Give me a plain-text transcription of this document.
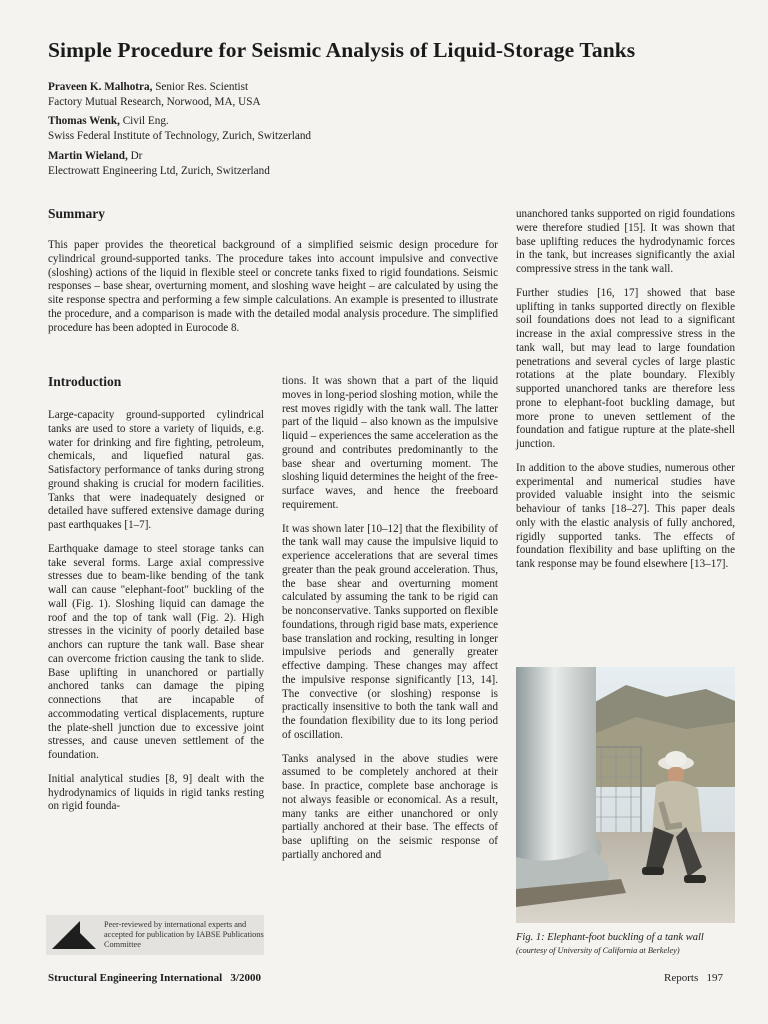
Simple Procedure for Seismic Analysis of Liquid-Storage Tanks
Praveen K. Malhotra, Senior Res. Scientist
Factory Mutual Research, Norwood, MA, USA
Thomas Wenk, Civil Eng.
Swiss Federal Institute of Technology, Zurich, Switzerland
Martin Wieland, Dr
Electrowatt Engineering Ltd, Zurich, Switzerland
Summary
This paper provides the theoretical background of a simplified seismic design procedure for cylindrical ground-supported tanks. The procedure takes into account impulsive and convective (sloshing) actions of the liquid in flexible steel or concrete tanks fixed to rigid foundations. Seismic responses – base shear, overturning moment, and sloshing wave height – are calculated by using the site response spectra and performing a few simple calculations. An example is presented to illustrate the procedure, and a comparison is made with the detailed modal analysis procedure. The simplified procedure has been adopted in Eurocode 8.
Introduction

Large-capacity ground-supported cylindrical tanks are used to store a variety of liquids, e.g. water for drinking and fire fighting, petroleum, chemicals, and liquefied natural gas. Satisfactory performance of tanks during strong ground shaking is crucial for modern facilities. Tanks that were inadequately designed or detailed have suffered extensive damage during past earthquakes [1–7].

Earthquake damage to steel storage tanks can take several forms. Large axial compressive stresses due to beam-like bending of the tank wall can cause "elephant-foot" buckling of the wall (Fig. 1). Sloshing liquid can damage the roof and the top of tank wall (Fig. 2). High stresses in the vicinity of poorly detailed base anchors can rupture the tank wall. Base shear can overcome friction causing the tank to slide. Base uplifting in unanchored or partially anchored tanks can damage the piping connections that are incapable of accommodating vertical displacements, rupture the plate-shell junction due to excessive joint stresses, and cause uneven settlement of the foundation.

Initial analytical studies [8, 9] dealt with the hydrodynamics of liquids in rigid tanks resting on rigid founda-

tions. It was shown that a part of the liquid moves in long-period sloshing motion, while the rest moves rigidly with the tank wall. The latter part of the liquid – also known as the impulsive liquid – experiences the same acceleration as the ground and contributes predominantly to the base shear and overturning moment. The sloshing liquid determines the height of the free-surface waves, and hence the freeboard requirement.

It was shown later [10–12] that the flexibility of the tank wall may cause the impulsive liquid to experience accelerations that are several times greater than the peak ground acceleration. Thus, the base shear and overturning moment calculated by assuming the tank to be rigid can be nonconservative. Tanks supported on flexible foundations, through rigid base mats, experience base translation and rocking, resulting in longer impulsive periods and generally greater effective damping. These changes may affect the impulsive response significantly [13, 14]. The convective (or sloshing) response is practically insensitive to both the tank wall and the foundation flexibility due to its long period of oscillation.

Tanks analysed in the above studies were assumed to be completely anchored at their base. In practice, complete base anchorage is not always feasible or economical. As a result, many tanks are either unanchored or only partially anchored at their base. The effects of base uplifting on the seismic response of partially anchored and

unanchored tanks supported on rigid foundations were therefore studied [15]. It was shown that base uplifting reduces the hydrodynamic forces in the tank, but increases significantly the axial compressive stress in the tank wall.

Further studies [16, 17] showed that base uplifting in tanks supported directly on flexible soil foundations does not lead to a significant increase in the axial compressive stress in the tank wall, but may lead to large foundation penetrations and several cycles of large plastic rotations at the plate boundary. Flexibly supported unanchored tanks are therefore less prone to elephant-foot buckling damage, but more prone to uneven settlement of the foundation and fatigue rupture at the plate-shell junction.

In addition to the above studies, numerous other experimental and numerical studies have provided valuable insight into the seismic behaviour of tanks [18–27]. This paper deals only with the elastic analysis of fully anchored, rigidly supported tanks. The effects of foundation flexibility and base uplifting on the tank response may be found elsewhere [13–17].

Peer-reviewed by international experts and accepted for publication by IABSE Publications Committee
Fig. 1: Elephant-foot buckling of a tank wall (courtesy of University of California at Berkeley)
Structural Engineering International   3/2000	Reports   197
